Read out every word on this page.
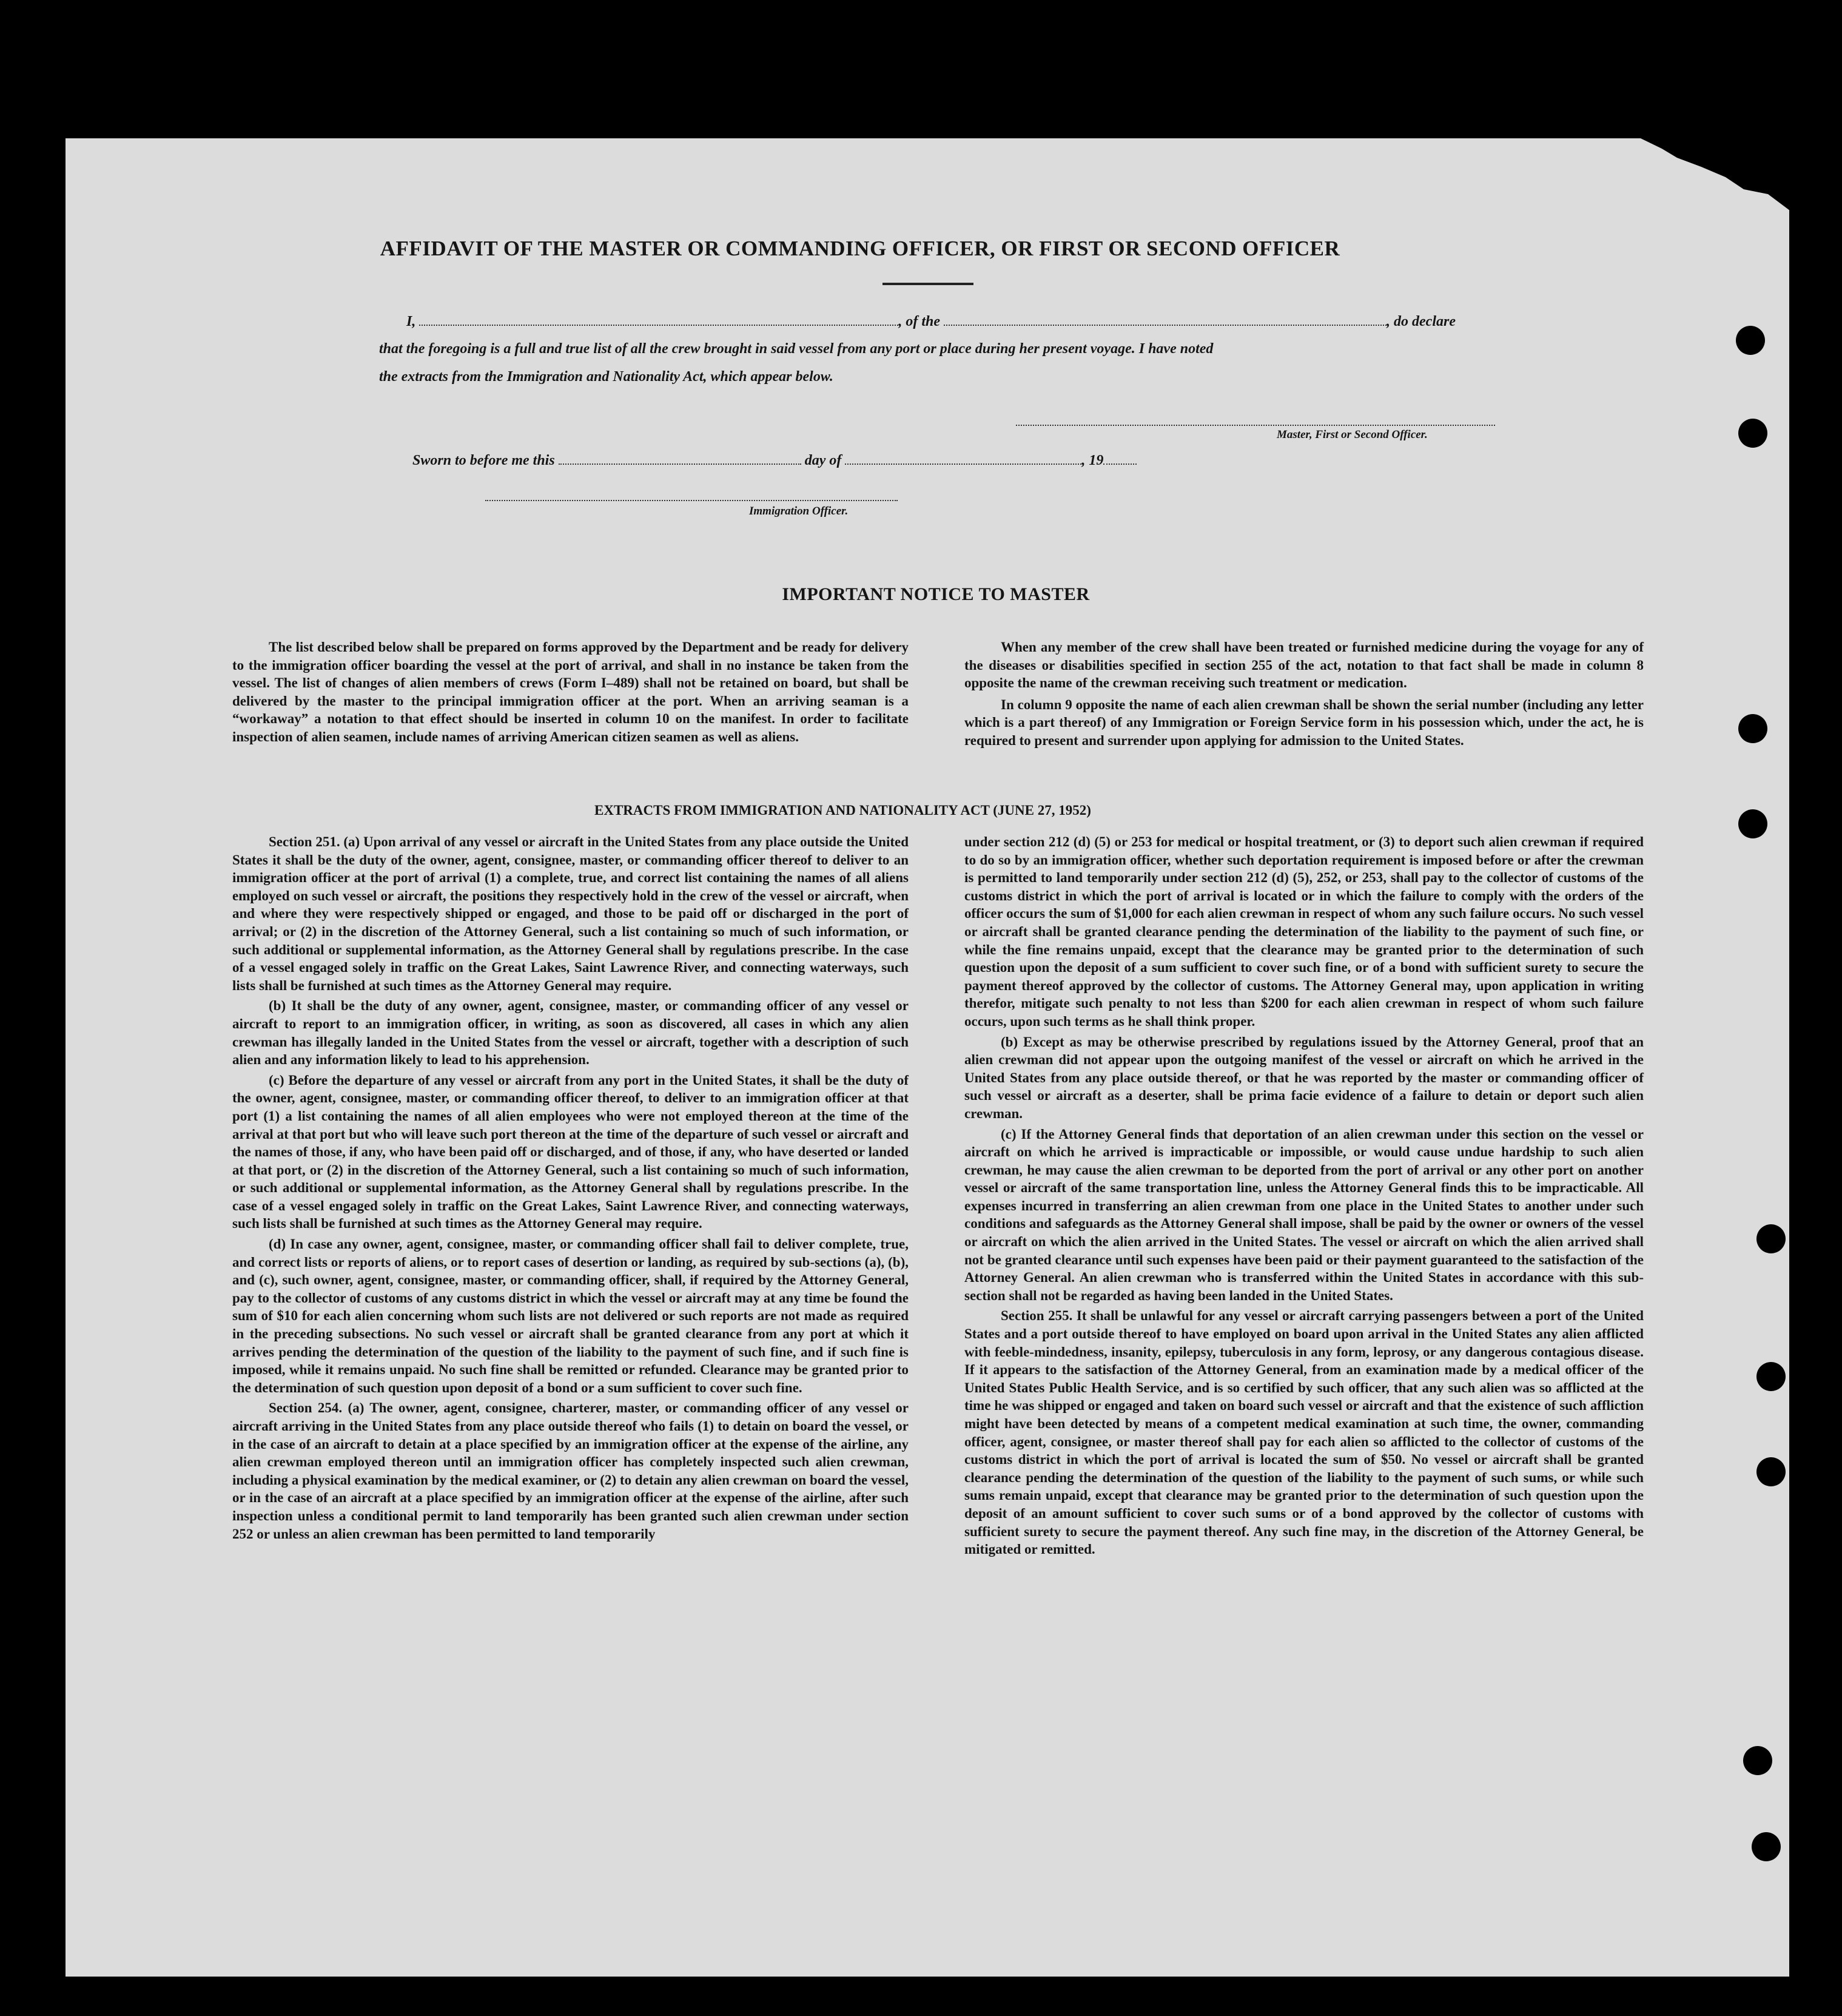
AFFIDAVIT OF THE MASTER OR COMMANDING OFFICER, OR FIRST OR SECOND OFFICER
I,	, of the	, do declare
that the foregoing is a full and true list of all the crew brought in said vessel from any port or place during her present voyage. I have noted
the extracts from the Immigration and Nationality Act, which appear below.
Master, First or Second Officer.
Sworn to before me this	day of	, 19
Immigration Officer.
IMPORTANT NOTICE TO MASTER

The list described below shall be prepared on forms approved by the Department and be ready for delivery to the immigration officer boarding the vessel at the port of arrival, and shall in no instance be taken from the vessel. The list of changes of alien members of crews (Form I–489) shall not be retained on board, but shall be delivered by the master to the principal immigration officer at the port. When an arriving seaman is a “workaway” a notation to that effect should be inserted in column 10 on the manifest. In order to facilitate inspection of alien seamen, include names of arriving American citizen seamen as well as aliens.

When any member of the crew shall have been treated or furnished medicine during the voyage for any of the diseases or disabilities specified in section 255 of the act, notation to that fact shall be made in column 8 opposite the name of the crewman receiving such treatment or medication.

In column 9 opposite the name of each alien crewman shall be shown the serial number (including any letter which is a part thereof) of any Immigration or Foreign Service form in his possession which, under the act, he is required to present and surrender upon applying for admission to the United States.

EXTRACTS FROM IMMIGRATION AND NATIONALITY ACT (JUNE 27, 1952)

Section 251. (a) Upon arrival of any vessel or aircraft in the United States from any place outside the United States it shall be the duty of the owner, agent, consignee, master, or commanding officer thereof to deliver to an immigration officer at the port of arrival (1) a complete, true, and correct list containing the names of all aliens employed on such vessel or aircraft, the positions they respectively hold in the crew of the vessel or aircraft, when and where they were respectively shipped or engaged, and those to be paid off or discharged in the port of arrival; or (2) in the discretion of the Attorney General, such a list containing so much of such information, or such additional or supplemental information, as the Attorney General shall by regulations prescribe. In the case of a vessel engaged solely in traffic on the Great Lakes, Saint Lawrence River, and connecting waterways, such lists shall be furnished at such times as the Attorney General may require.

(b) It shall be the duty of any owner, agent, consignee, master, or commanding officer of any vessel or aircraft to report to an immigration officer, in writing, as soon as discovered, all cases in which any alien crewman has illegally landed in the United States from the vessel or aircraft, together with a description of such alien and any information likely to lead to his apprehension.

(c) Before the departure of any vessel or aircraft from any port in the United States, it shall be the duty of the owner, agent, consignee, master, or commanding officer thereof, to deliver to an immigration officer at that port (1) a list containing the names of all alien employees who were not employed thereon at the time of the arrival at that port but who will leave such port thereon at the time of the departure of such vessel or aircraft and the names of those, if any, who have been paid off or discharged, and of those, if any, who have deserted or landed at that port, or (2) in the discretion of the Attorney General, such a list containing so much of such information, or such additional or supplemental information, as the Attorney General shall by regulations prescribe. In the case of a vessel engaged solely in traffic on the Great Lakes, Saint Lawrence River, and connecting waterways, such lists shall be furnished at such times as the Attorney General may require.

(d) In case any owner, agent, consignee, master, or commanding officer shall fail to deliver complete, true, and correct lists or reports of aliens, or to report cases of desertion or landing, as required by sub-sections (a), (b), and (c), such owner, agent, consignee, master, or commanding officer, shall, if required by the Attorney General, pay to the collector of customs of any customs district in which the vessel or aircraft may at any time be found the sum of $10 for each alien concerning whom such lists are not delivered or such reports are not made as required in the preceding subsections. No such vessel or aircraft shall be granted clearance from any port at which it arrives pending the determination of the question of the liability to the payment of such fine, and if such fine is imposed, while it remains unpaid. No such fine shall be remitted or refunded. Clearance may be granted prior to the determination of such question upon deposit of a bond or a sum sufficient to cover such fine.

Section 254. (a) The owner, agent, consignee, charterer, master, or commanding officer of any vessel or aircraft arriving in the United States from any place outside thereof who fails (1) to detain on board the vessel, or in the case of an aircraft to detain at a place specified by an immigration officer at the expense of the airline, any alien crewman employed thereon until an immigration officer has completely inspected such alien crewman, including a physical examination by the medical examiner, or (2) to detain any alien crewman on board the vessel, or in the case of an aircraft at a place specified by an immigration officer at the expense of the airline, after such inspection unless a conditional permit to land temporarily has been granted such alien crewman under section 252 or unless an alien crewman has been permitted to land temporarily

under section 212 (d) (5) or 253 for medical or hospital treatment, or (3) to deport such alien crewman if required to do so by an immigration officer, whether such deportation requirement is imposed before or after the crewman is permitted to land temporarily under section 212 (d) (5), 252, or 253, shall pay to the collector of customs of the customs district in which the port of arrival is located or in which the failure to comply with the orders of the officer occurs the sum of $1,000 for each alien crewman in respect of whom any such failure occurs. No such vessel or aircraft shall be granted clearance pending the determination of the liability to the payment of such fine, or while the fine remains unpaid, except that the clearance may be granted prior to the determination of such question upon the deposit of a sum sufficient to cover such fine, or of a bond with sufficient surety to secure the payment thereof approved by the collector of customs. The Attorney General may, upon application in writing therefor, mitigate such penalty to not less than $200 for each alien crewman in respect of whom such failure occurs, upon such terms as he shall think proper.

(b) Except as may be otherwise prescribed by regulations issued by the Attorney General, proof that an alien crewman did not appear upon the outgoing manifest of the vessel or aircraft on which he arrived in the United States from any place outside thereof, or that he was reported by the master or commanding officer of such vessel or aircraft as a deserter, shall be prima facie evidence of a failure to detain or deport such alien crewman.

(c) If the Attorney General finds that deportation of an alien crewman under this section on the vessel or aircraft on which he arrived is impracticable or impossible, or would cause undue hardship to such alien crewman, he may cause the alien crewman to be deported from the port of arrival or any other port on another vessel or aircraft of the same transportation line, unless the Attorney General finds this to be impracticable. All expenses incurred in transferring an alien crewman from one place in the United States to another under such conditions and safeguards as the Attorney General shall impose, shall be paid by the owner or owners of the vessel or aircraft on which the alien arrived in the United States. The vessel or aircraft on which the alien arrived shall not be granted clearance until such expenses have been paid or their payment guaranteed to the satisfaction of the Attorney General. An alien crewman who is transferred within the United States in accordance with this sub-section shall not be regarded as having been landed in the United States.

Section 255. It shall be unlawful for any vessel or aircraft carrying passengers between a port of the United States and a port outside thereof to have employed on board upon arrival in the United States any alien afflicted with feeble-mindedness, insanity, epilepsy, tuberculosis in any form, leprosy, or any dangerous contagious disease. If it appears to the satisfaction of the Attorney General, from an examination made by a medical officer of the United States Public Health Service, and is so certified by such officer, that any such alien was so afflicted at the time he was shipped or engaged and taken on board such vessel or aircraft and that the existence of such affliction might have been detected by means of a competent medical examination at such time, the owner, commanding officer, agent, consignee, or master thereof shall pay for each alien so afflicted to the collector of customs of the customs district in which the port of arrival is located the sum of $50. No vessel or aircraft shall be granted clearance pending the determination of the question of the liability to the payment of such sums, or while such sums remain unpaid, except that clearance may be granted prior to the determination of such question upon the deposit of an amount sufficient to cover such sums or of a bond approved by the collector of customs with sufficient surety to secure the payment thereof. Any such fine may, in the discretion of the Attorney General, be mitigated or remitted.
